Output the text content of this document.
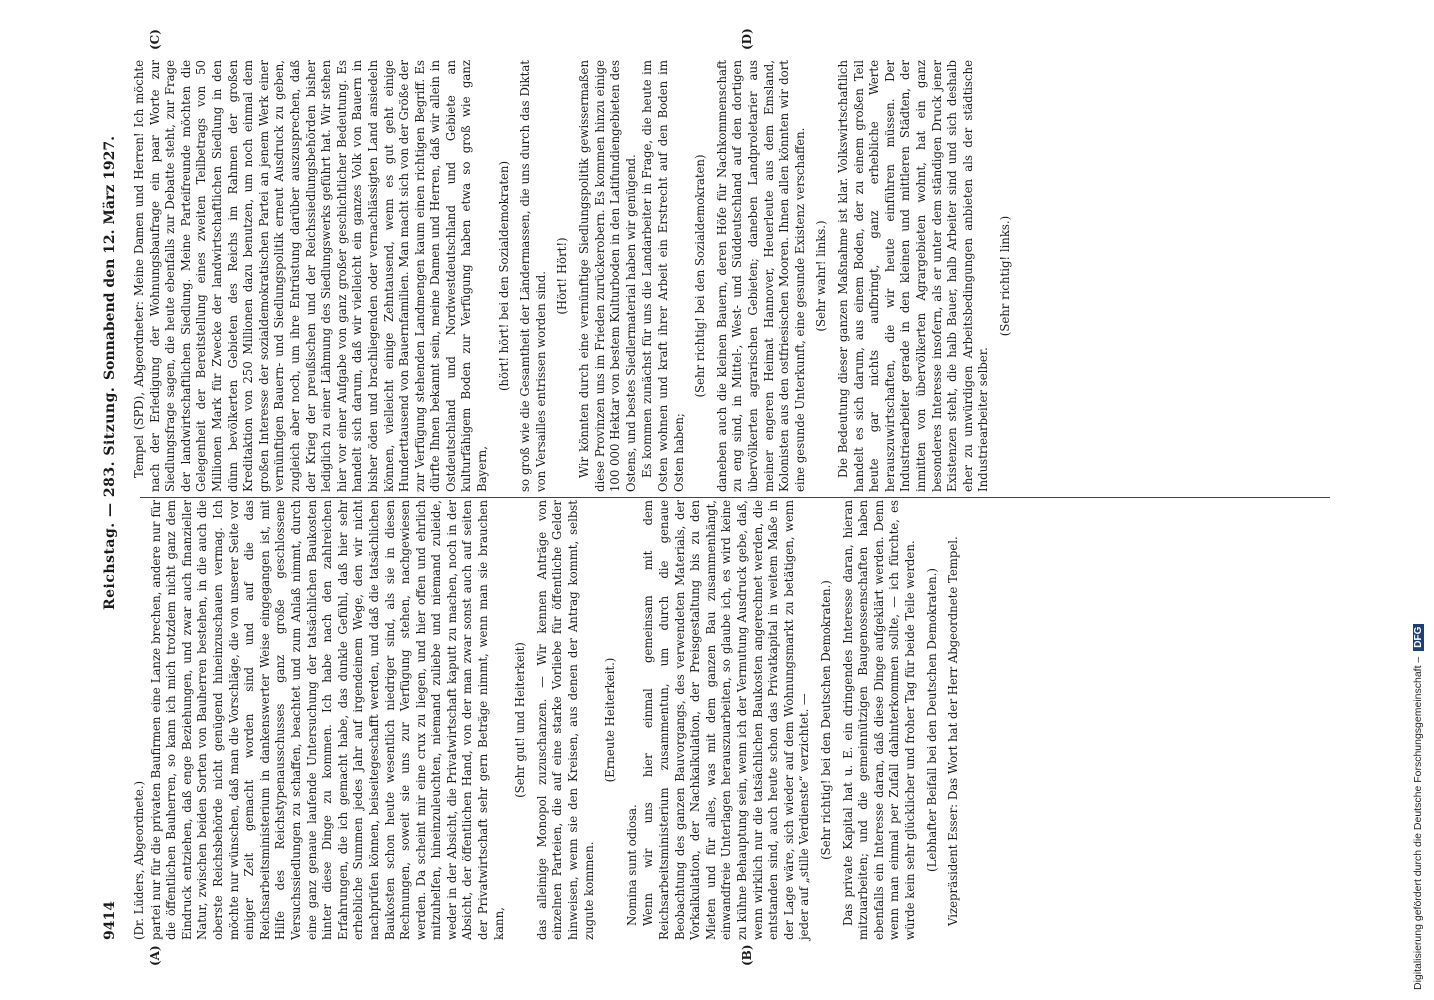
9414
Reichstag. — 283. Sitzung.
Sonnabend den 12. März 1927.

(Dr. Lüders, Abgeordnete.) partei nur für die privaten Baufirmen eine Lanze brechen, andere nur für die öffentlichen Bauherren, so kann ich mich trotzdem nicht ganz dem Eindruck entziehen, daß enge Beziehungen, und zwar auch finanzieller Natur, zwischen beiden Sorten von Bauherren bestehen, in die auch die oberste Reichsbehörde nicht genügend hineinzuschauen vermag. Ich möchte nur wünschen, daß man die Vorschläge, die von unserer Seite vor einiger Zeit gemacht worden sind und auf die das Reichsarbeitsministerium in dankenswerter Weise eingegangen ist, mit Hilfe des Reichstypenausschusses ganz große geschlossene Versuchssiedlungen zu schaffen, beachtet und zum Anlaß nimmt, durch eine ganz genaue laufende Untersuchung der tatsächlichen Baukosten hinter diese Dinge zu kommen. Ich habe nach den zahlreichen Erfahrungen, die ich gemacht habe, das dunkle Gefühl, daß hier sehr erhebliche Summen jedes Jahr auf irgendeinem Wege, den wir nicht nachprüfen können, beiseitegeschafft werden, und daß die tatsächlichen Baukosten schon heute wesentlich niedriger sind, als sie in diesen Rechnungen, soweit sie uns zur Verfügung stehen, nachgewiesen werden. Da scheint mir eine crux zu liegen, und hier offen und ehrlich mitzuhelfen, hineinzuleuchten, niemand zuliebe und niemand zuleide, weder in der Absicht, die Privatwirtschaft kaputt zu machen, noch in der Absicht, der öffentlichen Hand, von der man zwar sonst auch auf seiten der Privatwirtschaft sehr gern Beträge nimmt, wenn man sie brauchen kann,

(Sehr gut! und Heiterkeit) das alleinige Monopol zuzuschanzen. — Wir kennen Anträge von einzelnen Parteien, die auf eine starke Vorliebe für öffentliche Gelder hinweisen, wenn sie den Kreisen, aus denen der Antrag kommt, selbst zugute kommen.

(Erneute Heiterkeit.)

Nomina sunt odiosa. Wenn wir uns hier einmal gemeinsam mit dem Reichsarbeitsministerium zusammentun, um durch die genaue Beobachtung des ganzen Bauvorgangs, des verwendeten Materials, der Vorkalkulation, der Nachkalkulation, der Preisgestaltung bis zu den Mieten und für alles, was mit dem ganzen Bau zusammenhängt, einwandfreie Unterlagen herauszuarbeiten, so glaube ich, es wird keine zu kühne Behauptung sein, wenn ich der Vermutung Ausdruck gebe, daß, wenn wirklich nur die tatsächlichen Baukosten angerechnet werden, die entstanden sind, auch heute schon das Privatkapital in weitem Maße in der Lage wäre, sich wieder auf dem Wohnungsmarkt zu betätigen, wenn jeder auf „stille Verdienste“ verzichtet. — (Sehr richtig! bei den Deutschen Demokraten.) Das private Kapital hat u. E. ein dringendes Interesse daran, hieran mitzuarbeiten; und die gemeinnützigen Baugenossenschaften haben ebenfalls ein Interesse daran, daß diese Dinge aufgeklärt werden. Denn wenn man einmal per Zufall dahinterkommen sollte, — ich fürchte, es würde kein sehr glücklicher und froher Tag für beide Teile werden. (Lebhafter Beifall bei den Deutschen Demokraten.) Vizepräsident Esser: Das Wort hat der Herr Abgeordnete Tempel.

Tempel (SPD), Abgeordneter: Meine Damen und Herren! Ich möchte nach der Erledigung der Wohnungsbaufrage ein paar Worte zur Siedlungsfrage sagen, die heute ebenfalls zur Debatte steht, zur Frage der landwirtschaftlichen Siedlung. Meine Parteifreunde möchten die Gelegenheit der Bereitstellung eines zweiten Teilbetrags von 50 Millionen Mark für Zwecke der landwirtschaftlichen Siedlung in den dünn bevölkerten Gebieten des Reichs im Rahmen der großen Kreditaktion von 250 Millionen dazu benutzen, um noch einmal dem großen Interesse der sozialdemokratischen Partei an jenem Werk einer vernünftigen Bauern- und Siedlungspolitik erneut Ausdruck zu geben, zugleich aber noch, um ihre Entrüstung darüber auszusprechen, daß der Krieg der preußischen und der Reichssiedlungsbehörden bisher lediglich zu einer Lähmung des Siedlungswerks geführt hat. Wir stehen hier vor einer Aufgabe von ganz großer geschichtlicher Bedeutung. Es handelt sich darum, daß wir vielleicht ein ganzes Volk von Bauern in bisher öden und brachliegenden oder vernachlässigten Land ansiedeln können, vielleicht einige Zehntausend, wenn es gut geht einige Hunderttausend von Bauernfamilien. Man macht sich von der Größe der zur Verfügung stehenden Landmengen kaum einen richtigen Begriff. Es dürfte Ihnen bekannt sein, meine Damen und Herren, daß wir allein in Ostdeutschland und Nordwestdeutschland und Gebiete an kulturfähigem Boden zur Verfügung haben etwa so groß wie ganz Bayern,

(hört! hört! bei den Sozialdemokraten) so groß wie die Gesamtheit der Ländermassen, die uns durch das Diktat von Versailles entrissen worden sind. (Hört! Hört!) Wir könnten durch eine vernünftige Siedlungspolitik gewissermaßen diese Provinzen uns im Frieden zurückerobern. Es kommen hinzu einige 100 000 Hektar von bestem Kulturboden in den Latifundiengebieten des Ostens, und bestes Siedlermaterial haben wir genügend. Es kommen zunächst für uns die Landarbeiter in Frage, die heute im Osten wohnen und kraft ihrer Arbeit ein Erstrecht auf den Boden im Osten haben;

(Sehr richtig! bei den Sozialdemokraten) daneben auch die kleinen Bauern, deren Höfe für Nachkommenschaft zu eng sind, in Mittel-, West- und Süddeutschland auf den dortigen übervölkerten agrarischen Gebieten; daneben Landproletarier aus meiner engeren Heimat Hannover, Heuerleute aus dem Emsland, Kolonisten aus den ostfriesischen Mooren. Ihnen allen könnten wir dort eine gesunde Unterkunft, eine gesunde Existenz verschaffen. (Sehr wahr! links.) Die Bedeutung dieser ganzen Maßnahme ist klar. Volkswirtschaftlich handelt es sich darum, aus einem Boden, der zu einem großen Teil heute gar nichts aufbringt, ganz erhebliche Werte herauszuwirtschaften, die wir heute einführen müssen. Der Industriearbeiter gerade in den kleinen und mittleren Städten, der inmitten von übervölkerten Agrargebieten wohnt, hat ein ganz besonderes Interesse insofern, als er unter dem ständigen Druck jener Existenzen steht, die halb Bauer, halb Arbeiter sind und sich deshalb eher zu unwürdigen Arbeitsbedingungen anbieten als der städtische Industriearbeiter selber.

(Sehr richtig! links.)

(A)	(B)
(C)	(D)
Digitalisierung gefördert durch die Deutsche Forschungsgemeinschaft –DFG
